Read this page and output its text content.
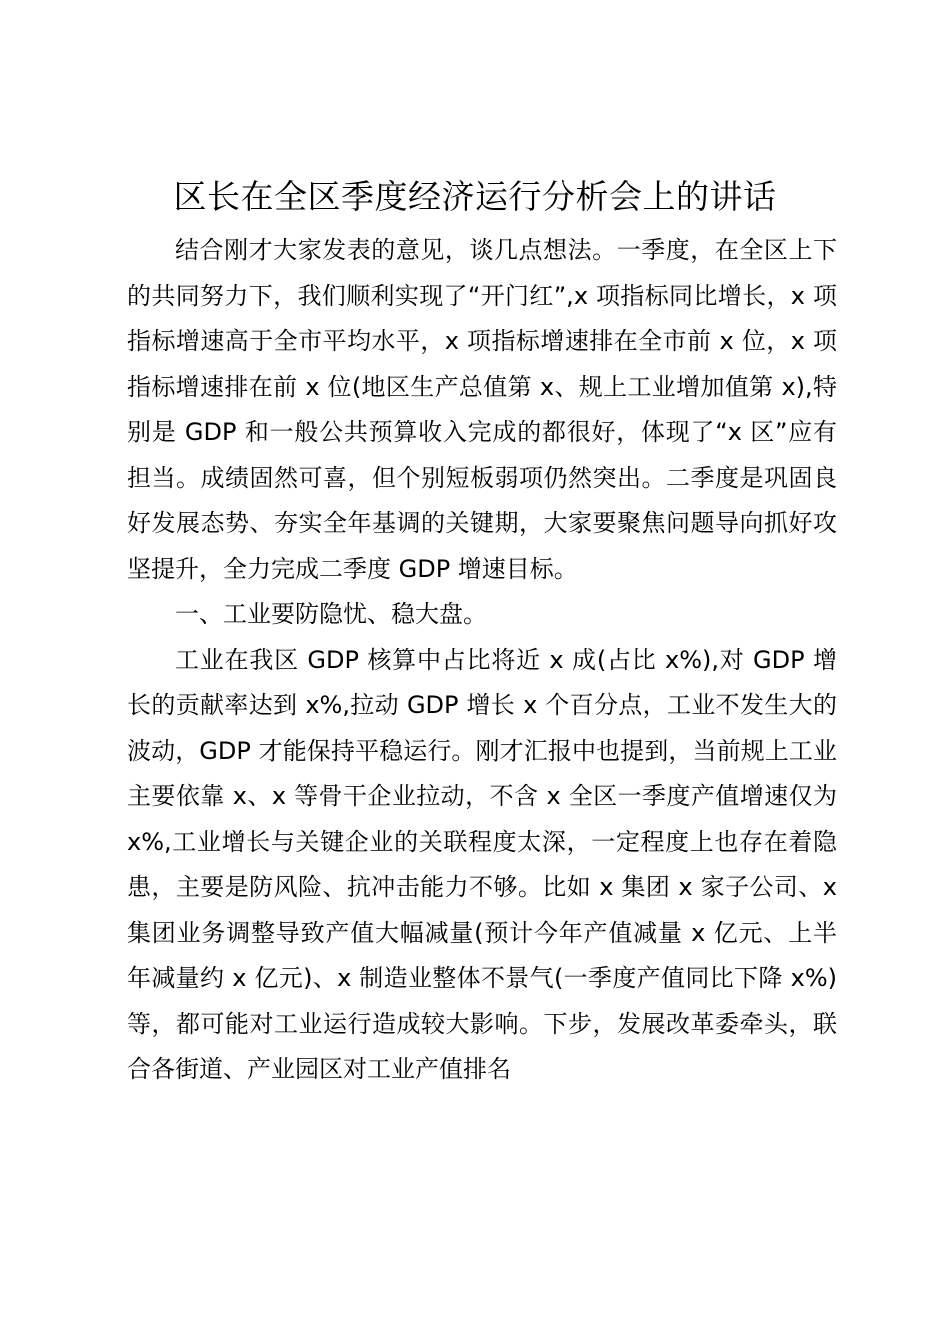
区长在全区季度经济运行分析会上的讲话

结合刚才大家发表的意见，谈几点想法。一季度，在全区上下的共同努力下，我们顺利实现了“开门红”,x 项指标同比增长，x 项指标增速高于全市平均水平，x 项指标增速排在全市前 x 位，x 项指标增速排在前 x 位(地区生产总值第 x、规上工业增加值第 x),特别是 GDP 和一般公共预算收入完成的都很好，体现了“x 区”应有担当。成绩固然可喜，但个别短板弱项仍然突出。二季度是巩固良好发展态势、夯实全年基调的关键期，大家要聚焦问题导向抓好攻坚提升，全力完成二季度 GDP 增速目标。

一、工业要防隐忧、稳大盘。

工业在我区 GDP 核算中占比将近 x 成(占比 x%),对 GDP 增长的贡献率达到 x%,拉动 GDP 增长 x 个百分点，工业不发生大的波动，GDP 才能保持平稳运行。刚才汇报中也提到，当前规上工业主要依靠 x、x 等骨干企业拉动，不含 x 全区一季度产值增速仅为 x%,工业增长与关键企业的关联程度太深，一定程度上也存在着隐患，主要是防风险、抗冲击能力不够。比如 x 集团 x 家子公司、x 集团业务调整导致产值大幅减量(预计今年产值减量 x 亿元、上半年减量约 x 亿元)、x 制造业整体不景气(一季度产值同比下降 x%)等，都可能对工业运行造成较大影响。下步，发展改革委牵头，联合各街道、产业园区对工业产值排名
